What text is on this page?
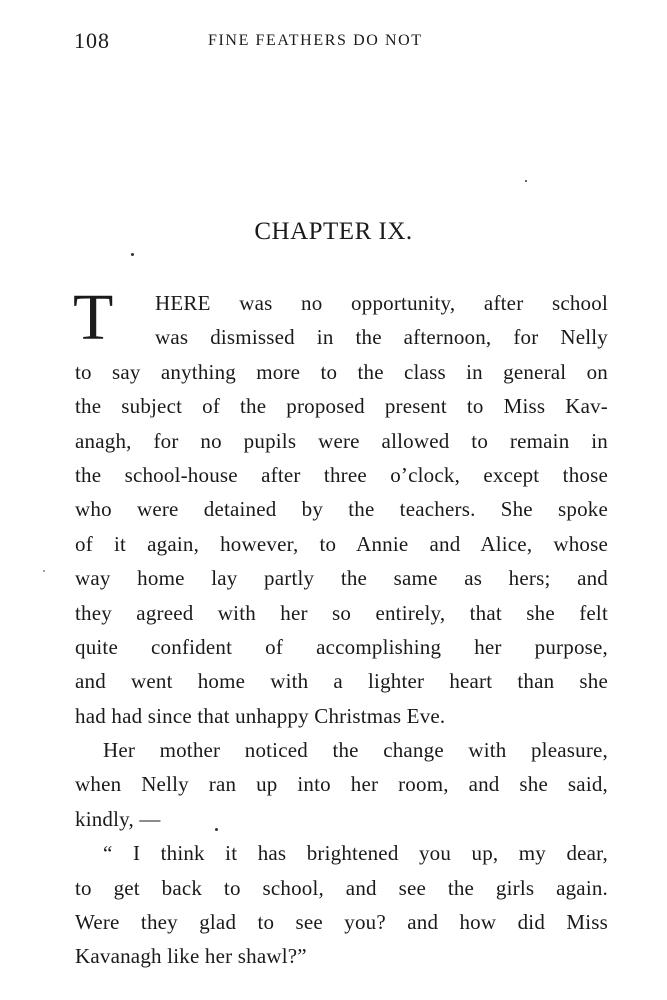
108	FINE FEATHERS DO NOT
CHAPTER IX.
T	HERE was no opportunity, after school
was dismissed in the afternoon, for Nelly
to say anything more to the class in general on
the subject of the proposed present to Miss Kav-
anagh, for no pupils were allowed to remain in
the school-house after three o’clock, except those
who were detained by the teachers. She spoke
of it again, however, to Annie and Alice, whose
way home lay partly the same as hers; and
they agreed with her so entirely, that she felt
quite confident of accomplishing her purpose,
and went home with a lighter heart than she
had had since that unhappy Christmas Eve.
Her mother noticed the change with pleasure,
when Nelly ran up into her room, and she said,
kindly, —
“ I think it has brightened you up, my dear,
to get back to school, and see the girls again.
Were they glad to see you? and how did Miss
Kavanagh like her shawl?”
